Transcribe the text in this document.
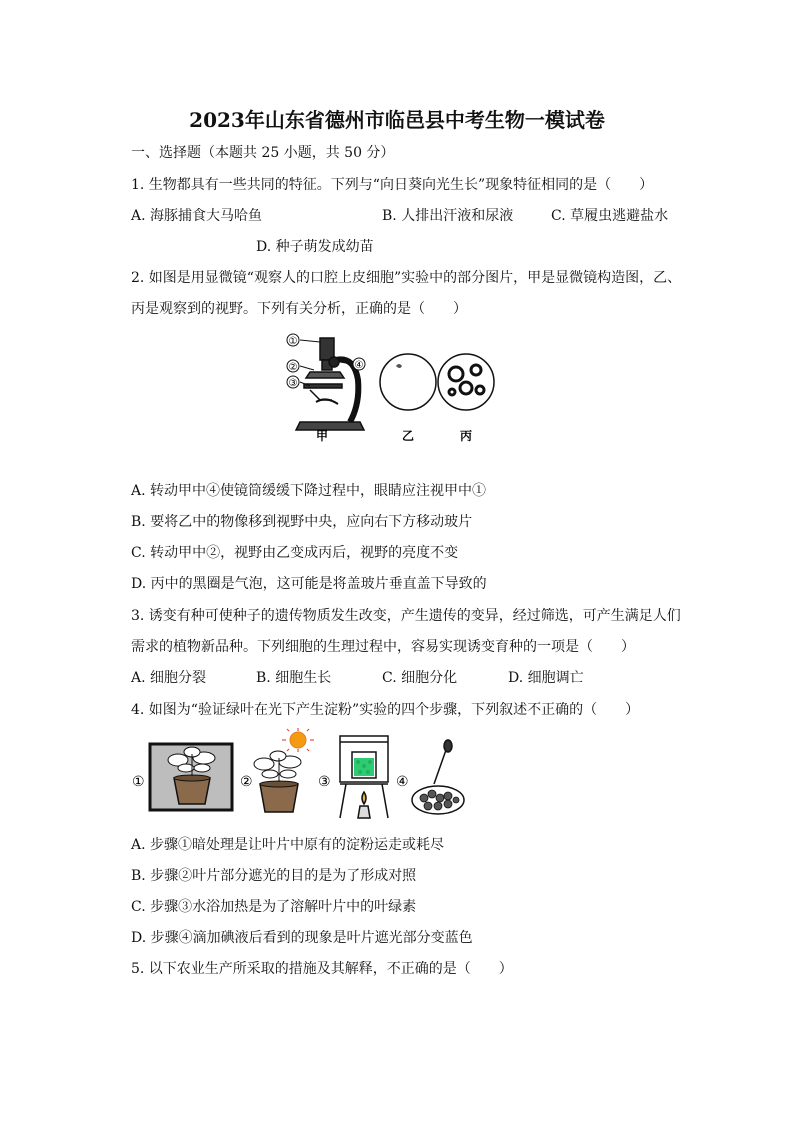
2023年山东省德州市临邑县中考生物一模试卷
一、选择题（本题共 25 小题，共 50 分）
1. 生物都具有一些共同的特征。下列与“向日葵向光生长”现象特征相同的是（　　）
A. 海豚捕食大马哈鱼	B. 人排出汗液和尿液	C. 草履虫逃避盐水
D. 种子萌发成幼苗
2. 如图是用显微镜“观察人的口腔上皮细胞”实验中的部分图片，甲是显微镜构造图，乙、
丙是观察到的视野。下列有关分析，正确的是（　　）
①
②
③
④
甲	乙	丙
A. 转动甲中④使镜筒缓缓下降过程中，眼睛应注视甲中①
B. 要将乙中的物像移到视野中央，应向右下方移动玻片
C. 转动甲中②，视野由乙变成丙后，视野的亮度不变
D. 丙中的黑圈是气泡，这可能是将盖玻片垂直盖下导致的
3. 诱变有种可使种子的遗传物质发生改变，产生遗传的变异，经过筛选，可产生满足人们
需求的植物新品种。下列细胞的生理过程中，容易实现诱变育种的一项是（　　）
A. 细胞分裂	B. 细胞生长	C. 细胞分化	D. 细胞调亡
4. 如图为“验证绿叶在光下产生淀粉”实验的四个步骤，下列叙述不正确的（　　）
①	②	③	④
A. 步骤①暗处理是让叶片中原有的淀粉运走或耗尽
B. 步骤②叶片部分遮光的目的是为了形成对照
C. 步骤③水浴加热是为了溶解叶片中的叶绿素
D. 步骤④滴加碘液后看到的现象是叶片遮光部分变蓝色
5. 以下农业生产所采取的措施及其解释，不正确的是（　　）
